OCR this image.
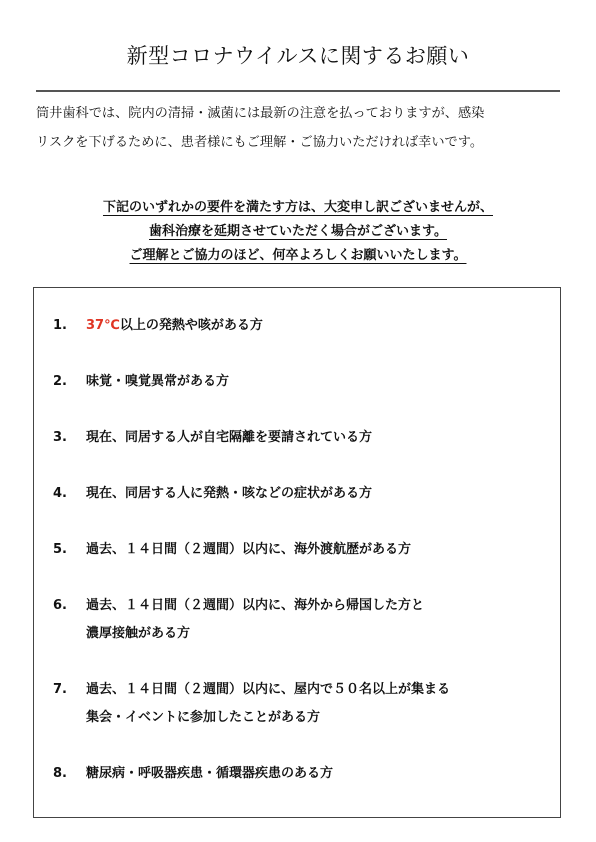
新型コロナウイルスに関するお願い
筒井歯科では、院内の清掃・滅菌には最新の注意を払っておりますが、感染
リスクを下げるために、患者様にもご理解・ご協力いただければ幸いです。
下記のいずれかの要件を満たす方は、大変申し訳ございませんが、
歯科治療を延期させていただく場合がございます。
ご理解とご協力のほど、何卒よろしくお願いいたします。
1. 37℃以上の発熱や咳がある方
2. 味覚・嗅覚異常がある方
3. 現在、同居する人が自宅隔離を要請されている方
4. 現在、同居する人に発熱・咳などの症状がある方
5. 過去、１４日間（２週間）以内に、海外渡航歴がある方
6. 過去、１４日間（２週間）以内に、海外から帰国した方と
濃厚接触がある方
7. 過去、１４日間（２週間）以内に、屋内で５０名以上が集まる
集会・イベントに参加したことがある方
8. 糖尿病・呼吸器疾患・循環器疾患のある方
